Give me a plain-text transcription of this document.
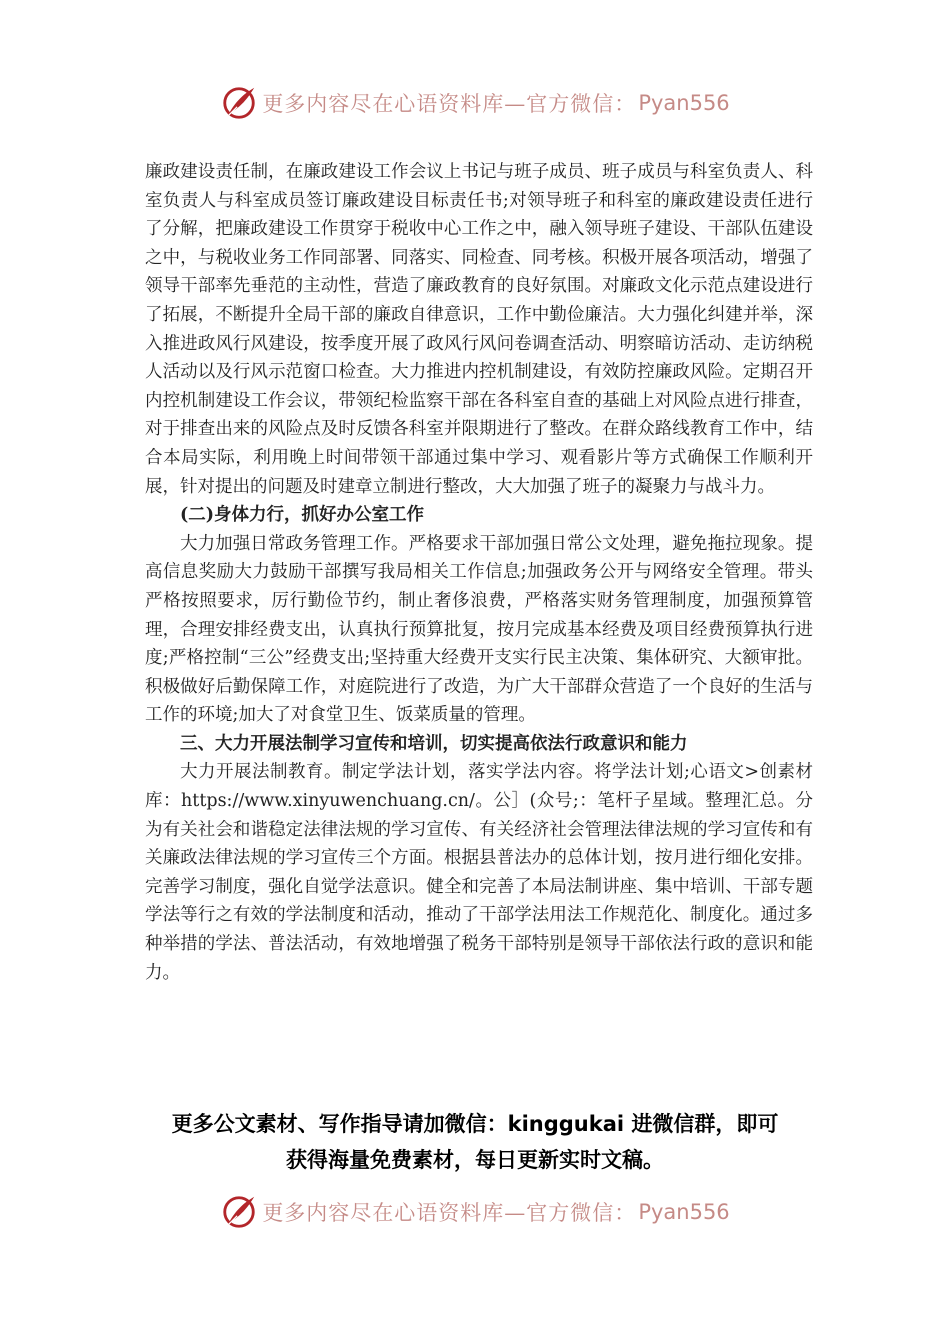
更多内容尽在心语资料库—官方微信： Pyan556

廉政建设责任制，在廉政建设工作会议上书记与班子成员、班子成员与科室负责人、科室负责人与科室成员签订廉政建设目标责任书;对领导班子和科室的廉政建设责任进行了分解，把廉政建设工作贯穿于税收中心工作之中，融入领导班子建设、干部队伍建设之中，与税收业务工作同部署、同落实、同检查、同考核。积极开展各项活动，增强了领导干部率先垂范的主动性，营造了廉政教育的良好氛围。对廉政文化示范点建设进行了拓展，不断提升全局干部的廉政自律意识，工作中勤俭廉洁。大力强化纠建并举，深入推进政风行风建设，按季度开展了政风行风问卷调查活动、明察暗访活动、走访纳税人活动以及行风示范窗口检查。大力推进内控机制建设，有效防控廉政风险。定期召开内控机制建设工作会议，带领纪检监察干部在各科室自查的基础上对风险点进行排查，对于排查出来的风险点及时反馈各科室并限期进行了整改。在群众路线教育工作中，结合本局实际，利用晚上时间带领干部通过集中学习、观看影片等方式确保工作顺利开展，针对提出的问题及时建章立制进行整改，大大加强了班子的凝聚力与战斗力。

(二)身体力行，抓好办公室工作

大力加强日常政务管理工作。严格要求干部加强日常公文处理，避免拖拉现象。提高信息奖励大力鼓励干部撰写我局相关工作信息;加强政务公开与网络安全管理。带头严格按照要求，厉行勤俭节约，制止奢侈浪费，严格落实财务管理制度，加强预算管理，合理安排经费支出，认真执行预算批复，按月完成基本经费及项目经费预算执行进度;严格控制“三公”经费支出;坚持重大经费开支实行民主决策、集体研究、大额审批。积极做好后勤保障工作，对庭院进行了改造，为广大干部群众营造了一个良好的生活与工作的环境;加大了对食堂卫生、饭菜质量的管理。

三、大力开展法制学习宣传和培训，切实提高依法行政意识和能力

大力开展法制教育。制定学法计划，落实学法内容。将学法计划;心语文>创素材库：https://www.xinyuwenchuang.cn/。公］(众号;：笔杆子星域。整理汇总。分为有关社会和谐稳定法律法规的学习宣传、有关经济社会管理法律法规的学习宣传和有关廉政法律法规的学习宣传三个方面。根据县普法办的总体计划，按月进行细化安排。完善学习制度，强化自觉学法意识。健全和完善了本局法制讲座、集中培训、干部专题学法等行之有效的学法制度和活动，推动了干部学法用法工作规范化、制度化。通过多种举措的学法、普法活动，有效地增强了税务干部特别是领导干部依法行政的意识和能力。

更多公文素材、写作指导请加微信：kinggukai 进微信群，即可
获得海量免费素材，每日更新实时文稿。
更多内容尽在心语资料库—官方微信： Pyan556
